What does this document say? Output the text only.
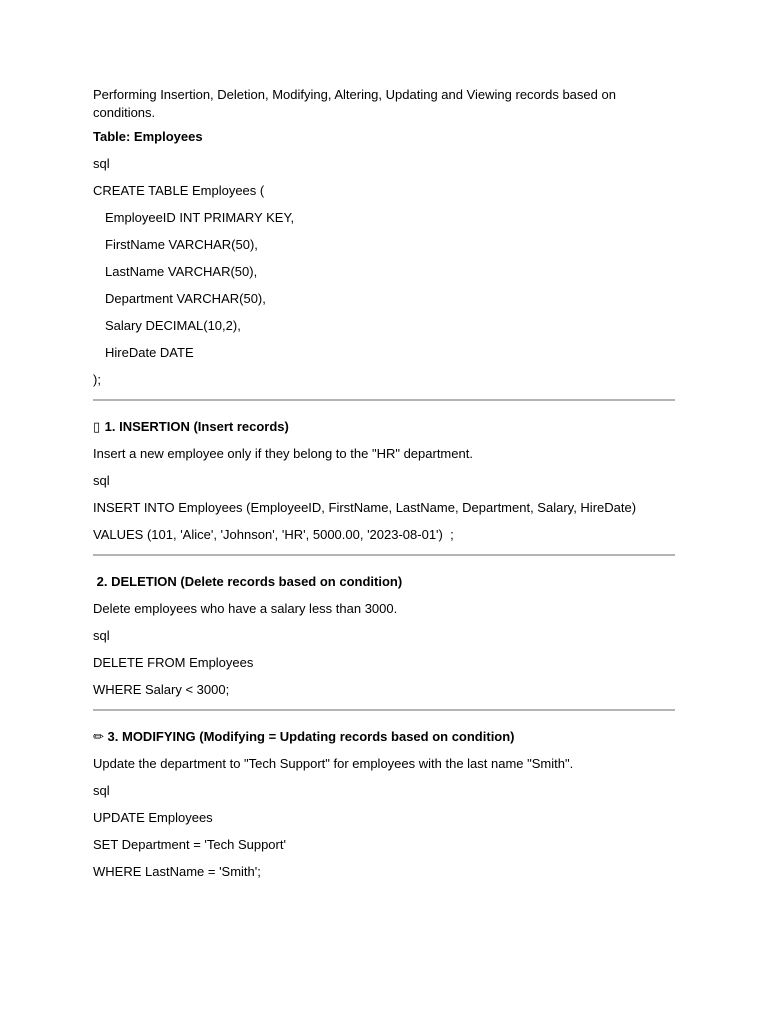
Performing Insertion, Deletion, Modifying, Altering, Updating and Viewing records based on conditions.

Table: Employees

sql

CREATE TABLE Employees (

EmployeeID INT PRIMARY KEY,

FirstName VARCHAR(50),

LastName VARCHAR(50),

Department VARCHAR(50),

Salary DECIMAL(10,2),

HireDate DATE

);

▯ 1. INSERTION (Insert records)

Insert a new employee only if they belong to the "HR" department.

sql

INSERT INTO Employees (EmployeeID, FirstName, LastName, Department, Salary, HireDate)

VALUES (101, 'Alice', 'Johnson', 'HR', 5000.00, '2023-08-01')  ;

2. DELETION (Delete records based on condition)

Delete employees who have a salary less than 3000.

sql

DELETE FROM Employees

WHERE Salary < 3000;

✏ 3. MODIFYING (Modifying = Updating records based on condition)

Update the department to "Tech Support" for employees with the last name "Smith".

sql

UPDATE Employees

SET Department = 'Tech Support'

WHERE LastName = 'Smith';
